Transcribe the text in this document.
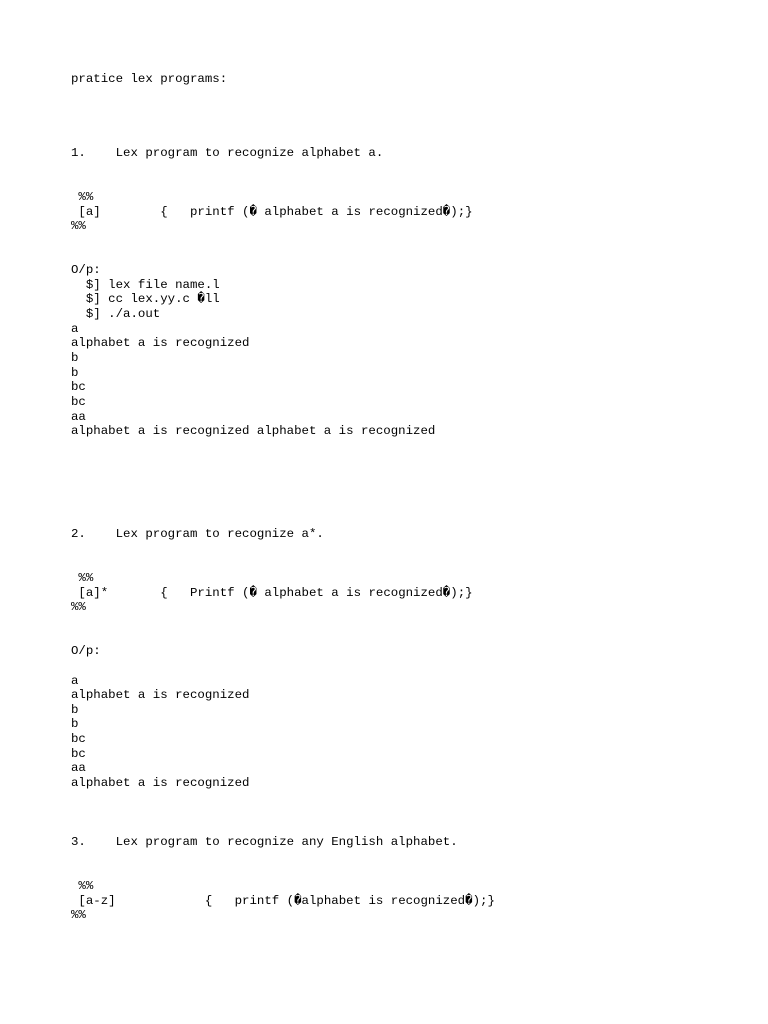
pratice lex programs:

1.    Lex program to recognize alphabet a.

%%

[a]        {   printf (� alphabet a is recognized�);}

%%

O/p:

$] lex file name.l

$] cc lex.yy.c �ll

$] ./a.out

a

alphabet a is recognized

b

b

bc

bc

aa

alphabet a is recognized alphabet a is recognized

2.    Lex program to recognize a*.

%%

[a]*       {   Printf (� alphabet a is recognized�);}

%%

O/p:

a

alphabet a is recognized

b

b

bc

bc

aa

alphabet a is recognized

3.    Lex program to recognize any English alphabet.

%%

[a-z]            {   printf (�alphabet is recognized�);}

%%
